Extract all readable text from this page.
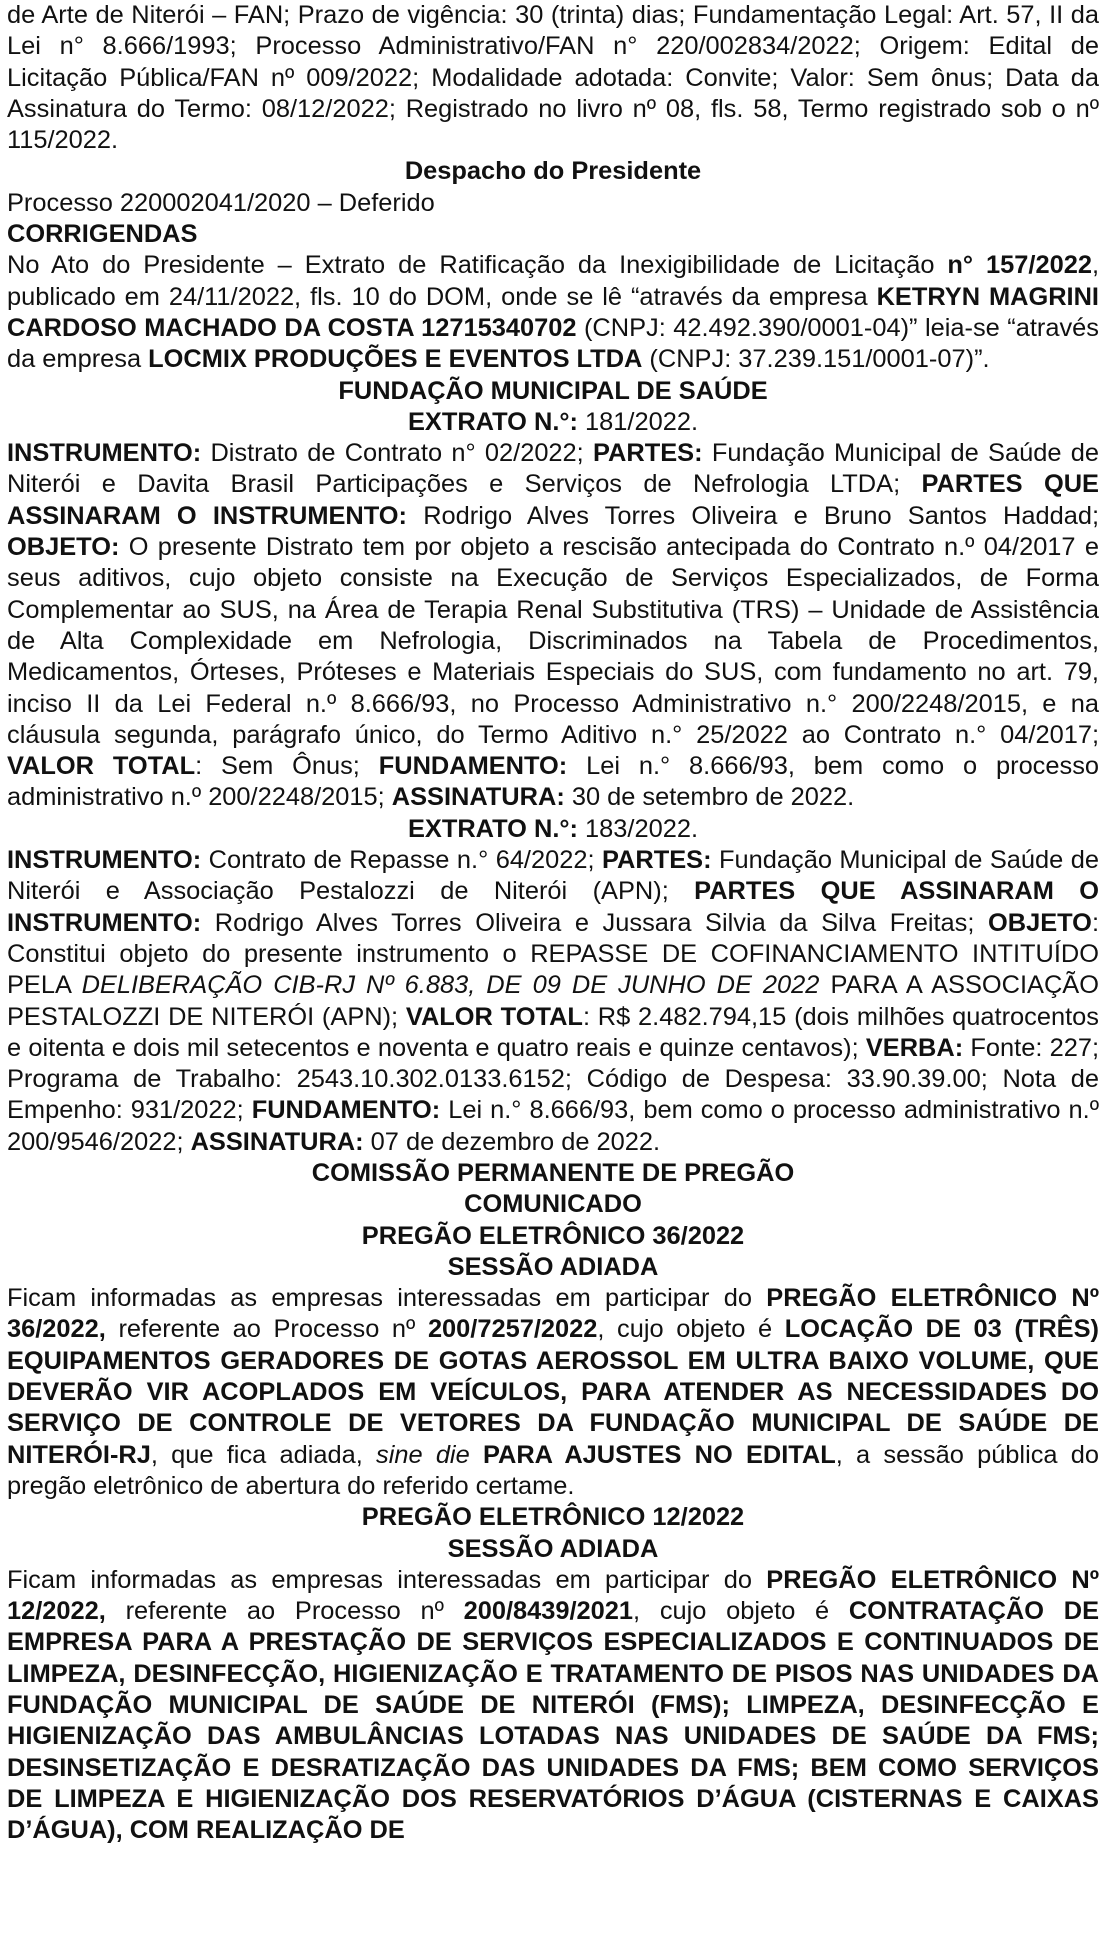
de Arte de Niterói – FAN; Prazo de vigência: 30 (trinta) dias; Fundamentação Legal: Art. 57, II da Lei n° 8.666/1993; Processo Administrativo/FAN n° 220/002834/2022; Origem: Edital de Licitação Pública/FAN nº 009/2022; Modalidade adotada: Convite; Valor: Sem ônus; Data da Assinatura do Termo: 08/12/2022; Registrado no livro nº 08, fls. 58, Termo registrado sob o nº 115/2022.

Despacho do Presidente

Processo 220002041/2020 – Deferido

CORRIGENDAS

No Ato do Presidente – Extrato de Ratificação da Inexigibilidade de Licitação n° 157/2022, publicado em 24/11/2022, fls. 10 do DOM, onde se lê “através da empresa KETRYN MAGRINI CARDOSO MACHADO DA COSTA 12715340702 (CNPJ: 42.492.390/0001-04)” leia-se “através da empresa LOCMIX PRODUÇÕES E EVENTOS LTDA (CNPJ: 37.239.151/0001-07)”.

FUNDAÇÃO MUNICIPAL DE SAÚDE

EXTRATO N.°: 181/2022.

INSTRUMENTO: Distrato de Contrato n° 02/2022; PARTES: Fundação Municipal de Saúde de Niterói e Davita Brasil Participações e Serviços de Nefrologia LTDA; PARTES QUE ASSINARAM O INSTRUMENTO: Rodrigo Alves Torres Oliveira e Bruno Santos Haddad; OBJETO: O presente Distrato tem por objeto a rescisão antecipada do Contrato n.º 04/2017 e seus aditivos, cujo objeto consiste na Execução de Serviços Especializados, de Forma Complementar ao SUS, na Área de Terapia Renal Substitutiva (TRS) – Unidade de Assistência de Alta Complexidade em Nefrologia, Discriminados na Tabela de Procedimentos, Medicamentos, Órteses, Próteses e Materiais Especiais do SUS, com fundamento no art. 79, inciso II da Lei Federal n.º 8.666/93, no Processo Administrativo n.° 200/2248/2015, e na cláusula segunda, parágrafo único, do Termo Aditivo n.° 25/2022 ao Contrato n.° 04/2017; VALOR TOTAL: Sem Ônus; FUNDAMENTO: Lei n.° 8.666/93, bem como o processo administrativo n.º 200/2248/2015; ASSINATURA: 30 de setembro de 2022.

EXTRATO N.°: 183/2022.

INSTRUMENTO: Contrato de Repasse n.° 64/2022; PARTES: Fundação Municipal de Saúde de Niterói e Associação Pestalozzi de Niterói (APN); PARTES QUE ASSINARAM O INSTRUMENTO: Rodrigo Alves Torres Oliveira e Jussara Silvia da Silva Freitas; OBJETO: Constitui objeto do presente instrumento o REPASSE DE COFINANCIAMENTO INTITUÍDO PELA DELIBERAÇÃO CIB-RJ Nº 6.883, DE 09 DE JUNHO DE 2022 PARA A ASSOCIAÇÃO PESTALOZZI DE NITERÓI (APN); VALOR TOTAL: R$ 2.482.794,15 (dois milhões quatrocentos e oitenta e dois mil setecentos e noventa e quatro reais e quinze centavos); VERBA: Fonte: 227; Programa de Trabalho: 2543.10.302.0133.6152; Código de Despesa: 33.90.39.00; Nota de Empenho: 931/2022; FUNDAMENTO: Lei n.° 8.666/93, bem como o processo administrativo n.º 200/9546/2022; ASSINATURA: 07 de dezembro de 2022.

COMISSÃO PERMANENTE DE PREGÃO

COMUNICADO

PREGÃO ELETRÔNICO 36/2022

SESSÃO ADIADA

Ficam informadas as empresas interessadas em participar do PREGÃO ELETRÔNICO Nº 36/2022, referente ao Processo nº 200/7257/2022, cujo objeto é LOCAÇÃO DE 03 (TRÊS) EQUIPAMENTOS GERADORES DE GOTAS AEROSSOL EM ULTRA BAIXO VOLUME, QUE DEVERÃO VIR ACOPLADOS EM VEÍCULOS, PARA ATENDER AS NECESSIDADES DO SERVIÇO DE CONTROLE DE VETORES DA FUNDAÇÃO MUNICIPAL DE SAÚDE DE NITERÓI-RJ, que fica adiada, sine die PARA AJUSTES NO EDITAL, a sessão pública do pregão eletrônico de abertura do referido certame.

PREGÃO ELETRÔNICO 12/2022

SESSÃO ADIADA

Ficam informadas as empresas interessadas em participar do PREGÃO ELETRÔNICO Nº 12/2022, referente ao Processo nº 200/8439/2021, cujo objeto é CONTRATAÇÃO DE EMPRESA PARA A PRESTAÇÃO DE SERVIÇOS ESPECIALIZADOS E CONTINUADOS DE LIMPEZA, DESINFECÇÃO, HIGIENIZAÇÃO E TRATAMENTO DE PISOS NAS UNIDADES DA FUNDAÇÃO MUNICIPAL DE SAÚDE DE NITERÓI (FMS); LIMPEZA, DESINFECÇÃO E HIGIENIZAÇÃO DAS AMBULÂNCIAS LOTADAS NAS UNIDADES DE SAÚDE DA FMS; DESINSETIZAÇÃO E DESRATIZAÇÃO DAS UNIDADES DA FMS; BEM COMO SERVIÇOS DE LIMPEZA E HIGIENIZAÇÃO DOS RESERVATÓRIOS D’ÁGUA (CISTERNAS E CAIXAS D’ÁGUA), COM REALIZAÇÃO DE
